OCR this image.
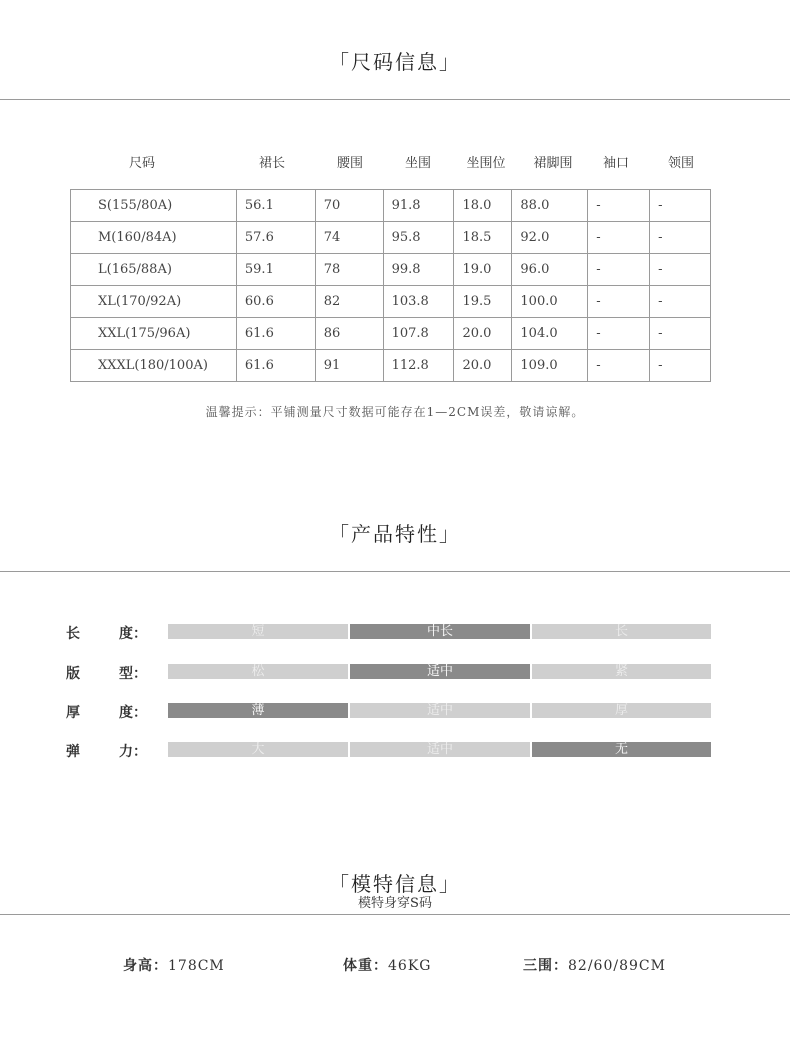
「尺码信息」
尺码	裙长	腰围	坐围	坐围位	裙脚围	袖口	领围
S(155/80A)	56.1	70	91.8	18.0	88.0	-	-
M(160/84A)	57.6	74	95.8	18.5	92.0	-	-
L(165/88A)	59.1	78	99.8	19.0	96.0	-	-
XL(170/92A)	60.6	82	103.8	19.5	100.0	-	-
XXL(175/96A)	61.6	86	107.8	20.0	104.0	-	-
XXXL(180/100A)	61.6	91	112.8	20.0	109.0	-	-
温馨提示：平铺测量尺寸数据可能存在1—2CM误差，敬请谅解。
「产品特性」
长	度：	短	中长	长
版	型：	松	适中	紧
厚	度：	薄	适中	厚
弹	力：	大	适中	无
「模特信息」
模特身穿S码
身高：178CM	体重：46KG	三围：82/60/89CM
